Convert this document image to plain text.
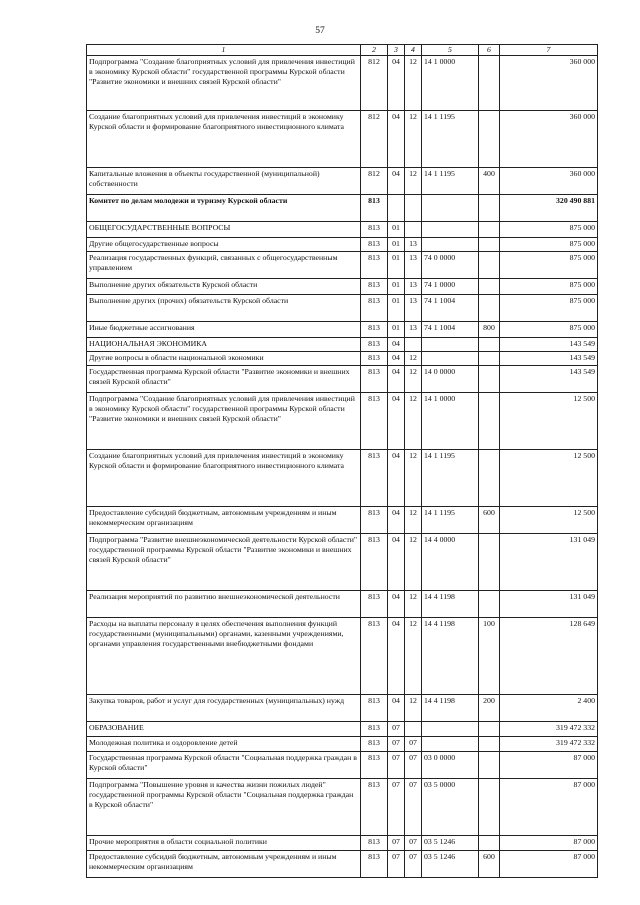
57
1	2	3	4	5	6	7
Подпрограмма "Создание благоприятных условий для привлечения инвестиций в экономику Курской области" государственной программы Курской области "Развитие экономики и внешних связей Курской области"	812	04	12	14 1 0000		360 000
Создание благоприятных условий для привлечения инвестиций в экономику Курской области и формирование благоприятного инвестиционного климата	812	04	12	14 1 1195		360 000
Капитальные вложения в объекты государственной (муниципальной) собственности	812	04	12	14 1 1195	400	360 000
Комитет по делам молодежи и туризму Курской области	813					320 490 881
ОБЩЕГОСУДАРСТВЕННЫЕ ВОПРОСЫ	813	01				875 000
Другие общегосударственные вопросы	813	01	13			875 000
Реализация государственных функций, связанных с общегосударственным управлением	813	01	13	74 0 0000		875 000
Выполнение других обязательств Курской области	813	01	13	74 1 0000		875 000
Выполнение других (прочих) обязательств Курской области	813	01	13	74 1 1004		875 000
Иные бюджетные ассигнования	813	01	13	74 1 1004	800	875 000
НАЦИОНАЛЬНАЯ ЭКОНОМИКА	813	04				143 549
Другие вопросы в области национальной экономики	813	04	12			143 549
Государственная программа Курской области "Развитие экономики и внешних связей Курской области"	813	04	12	14 0 0000		143 549
Подпрограмма "Создание благоприятных условий для привлечения инвестиций в экономику Курской области" государственной программы Курской области "Развитие экономики и внешних связей Курской области"	813	04	12	14 1 0000		12 500
Создание благоприятных условий для привлечения инвестиций в экономику Курской области и формирование благоприятного инвестиционного климата	813	04	12	14 1 1195		12 500
Предоставление субсидий бюджетным, автономным учреждениям и иным некоммерческим организациям	813	04	12	14 1 1195	600	12 500
Подпрограмма "Развитие внешнеэкономической деятельности Курской области" государственной программы Курской области "Развитие экономики и внешних связей Курской области"	813	04	12	14 4 0000		131 049
Реализация мероприятий по развитию внешнеэкономической деятельности	813	04	12	14 4 1198		131 049
Расходы на выплаты персоналу в целях обеспечения выполнения функций государственными (муниципальными) органами, казенными учреждениями, органами управления государственными внебюджетными фондами	813	04	12	14 4 1198	100	128 649
Закупка товаров, работ и услуг для государственных (муниципальных) нужд	813	04	12	14 4 1198	200	2 400
ОБРАЗОВАНИЕ	813	07				319 472 332
Молодежная политика и оздоровление детей	813	07	07			319 472 332
Государственная программа Курской области "Социальная поддержка граждан в Курской области"	813	07	07	03 0 0000		87 000
Подпрограмма "Повышение уровня и качества жизни пожилых людей" государственной программы Курской области "Социальная поддержка граждан в Курской области"	813	07	07	03 5 0000		87 000
Прочие мероприятия в области социальной политики	813	07	07	03 5 1246		87 000
Предоставление субсидий бюджетным, автономным учреждениям и иным некоммерческим организациям	813	07	07	03 5 1246	600	87 000
